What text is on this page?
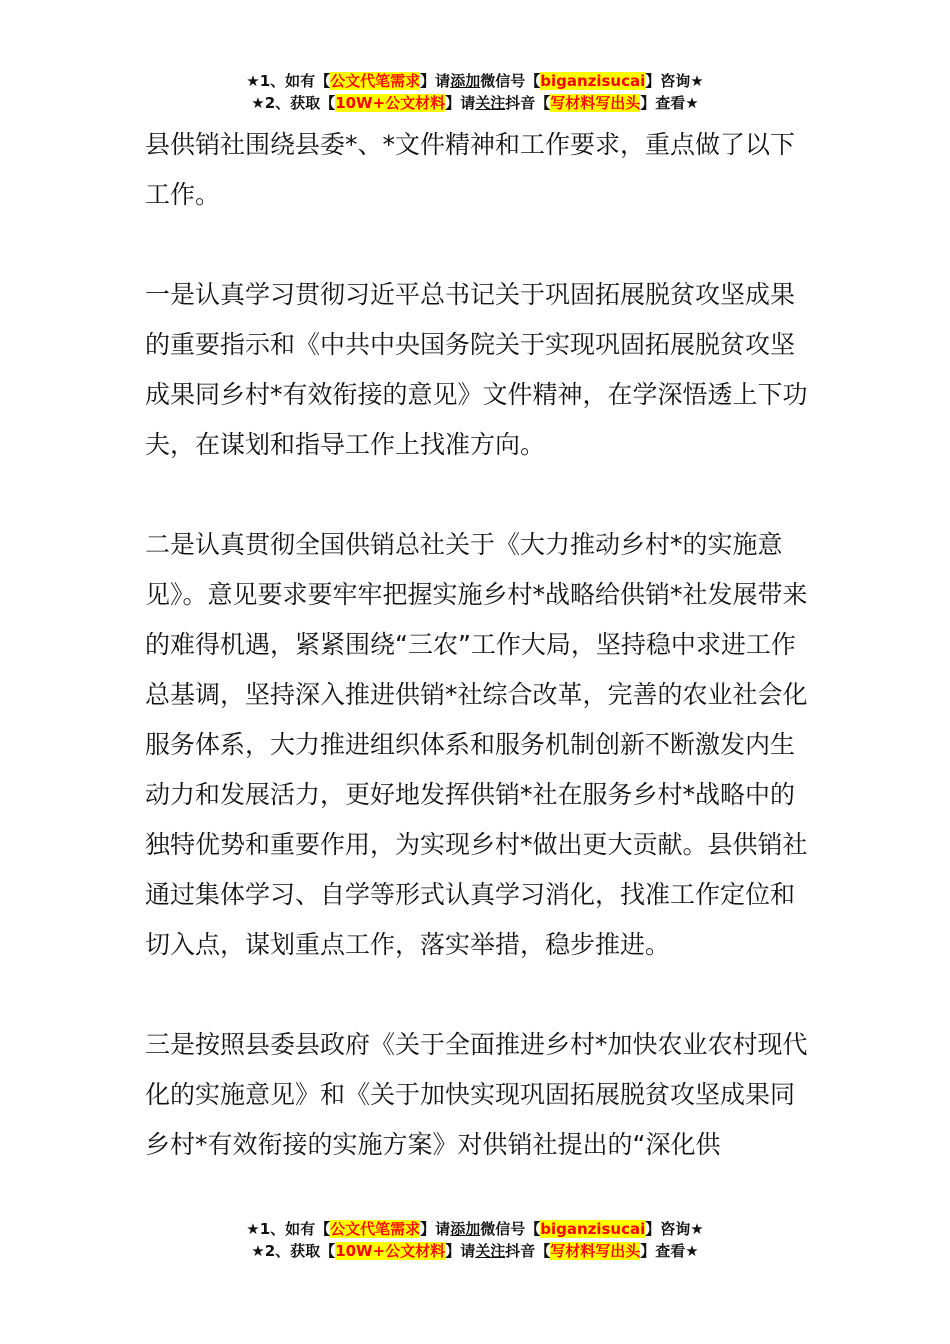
★1、如有【公文代笔需求】请添加微信号【biganzisucai】咨询★
★2、获取【10W+公文材料】请关注抖音【写材料写出头】查看★

县供销社围绕县委*、*文件精神和工作要求，重点做了以下工作。

一是认真学习贯彻习近平总书记关于巩固拓展脱贫攻坚成果的重要指示和《中共中央国务院关于实现巩固拓展脱贫攻坚成果同乡村*有效衔接的意见》文件精神，在学深悟透上下功夫，在谋划和指导工作上找准方向。

二是认真贯彻全国供销总社关于《大力推动乡村*的实施意见》。意见要求要牢牢把握实施乡村*战略给供销*社发展带来的难得机遇，紧紧围绕“三农”工作大局，坚持稳中求进工作总基调，坚持深入推进供销*社综合改革，完善的农业社会化服务体系，大力推进组织体系和服务机制创新不断激发内生动力和发展活力，更好地发挥供销*社在服务乡村*战略中的独特优势和重要作用，为实现乡村*做出更大贡献。县供销社通过集体学习、自学等形式认真学习消化，找准工作定位和切入点，谋划重点工作，落实举措，稳步推进。

三是按照县委县政府《关于全面推进乡村*加快农业农村现代化的实施意见》和《关于加快实现巩固拓展脱贫攻坚成果同乡村*有效衔接的实施方案》对供销社提出的“深化供

★1、如有【公文代笔需求】请添加微信号【biganzisucai】咨询★
★2、获取【10W+公文材料】请关注抖音【写材料写出头】查看★
